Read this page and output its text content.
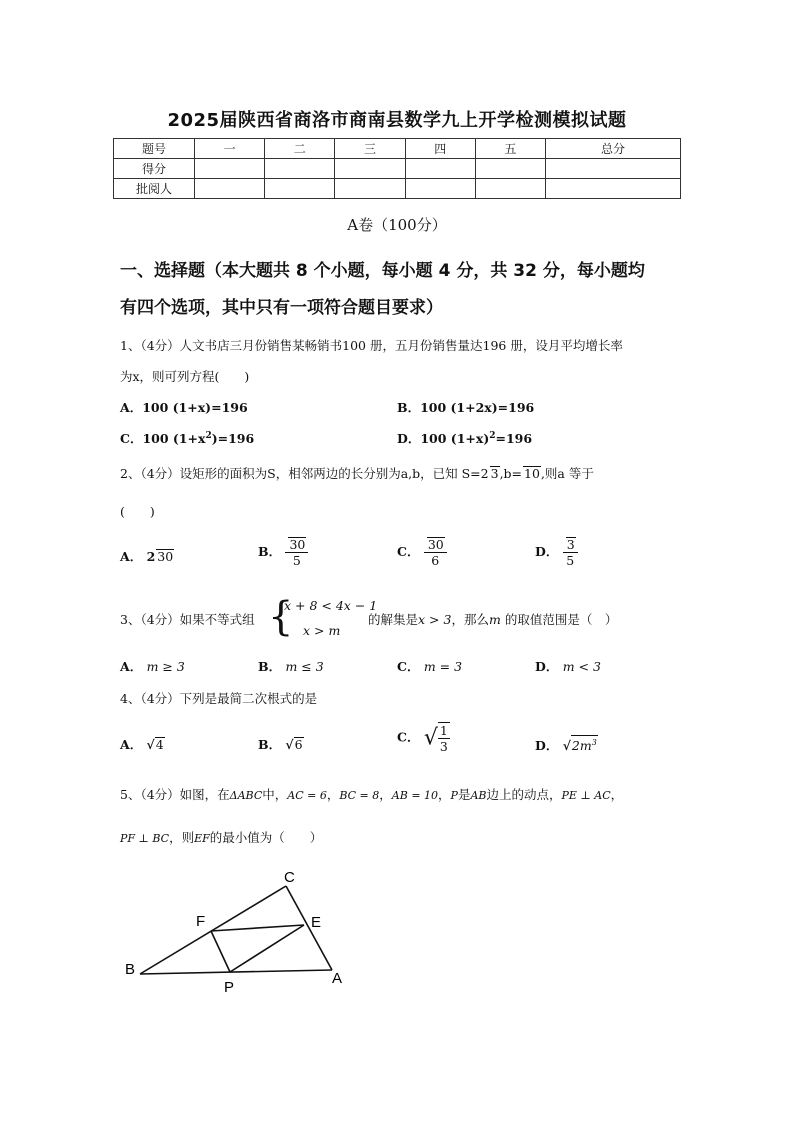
2025届陕西省商洛市商南县数学九上开学检测模拟试题
题号	一	二	三	四	五	总分
得分						
批阅人						
A卷（100分）
一、选择题（本大题共 8 个小题，每小题 4 分，共 32 分，每小题均
有四个选项，其中只有一项符合题目要求）
1、（4分）人文书店三月份销售某畅销书100 册，五月份销售量达196 册，设月平均增长率
为x，则可列方程(　　)
A．100 (1+x)=196	B．100 (1+2x)=196
C．100 $(1+x^2)=196$	D．100 $(1+x)^2=196$
2、（4分）设矩形的面积为S，相邻两边的长分别为a,b，已知 S=2 3,b= 10,则a 等于
(　　)
A． 2 30	B． $\frac{30}{5}$	C． $\frac{30}{6}$	D． $\frac{3}{5}$
3、（4分）如果不等式组 {
x + 8 < 4x − 1
x > m
的解集是x > 3，那么m 的取值范围是（　）
A． m ≥ 3	B． m ≤ 3	C． m = 3	D． m < 3
4、（4分）下列是最简二次根式的是
A． √4	B． √6	C． √ $\frac{1}{3}$	D． $√2m^3$
5、（4分）如图，在ΔABC中，AC = 6，BC = 8，AB = 10，P是AB边上的动点，PE ⊥ AC，
PF ⊥ BC，则EF的最小值为（　　）
C
F	E
B
P
A
